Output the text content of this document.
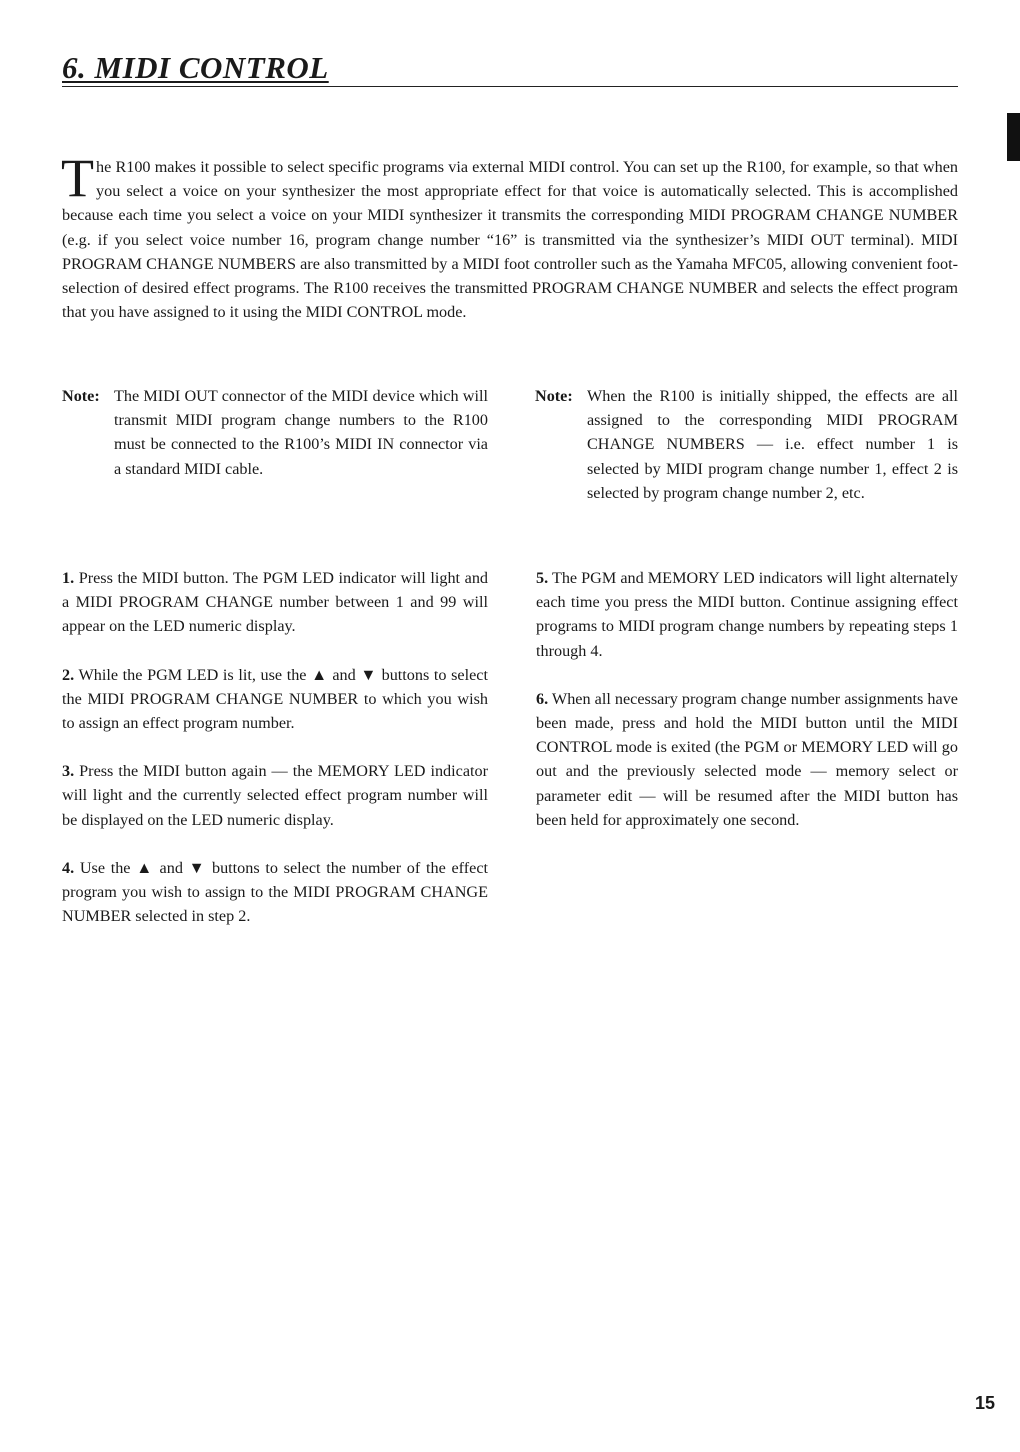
6. MIDI CONTROL
The R100 makes it possible to select specific programs via external MIDI control. You can set up the R100, for example, so that when you select a voice on your synthesizer the most appropriate effect for that voice is automatically selected. This is accomplished because each time you select a voice on your MIDI synthesizer it transmits the corresponding MIDI PROGRAM CHANGE NUMBER (e.g. if you select voice number 16, program change number “16” is transmitted via the synthesizer’s MIDI OUT terminal). MIDI PROGRAM CHANGE NUMBERS are also transmitted by a MIDI foot controller such as the Yamaha MFC05, allowing convenient foot-selection of desired effect programs. The R100 receives the transmitted PROGRAM CHANGE NUMBER and selects the effect program that you have assigned to it using the MIDI CONTROL mode.
Note: The MIDI OUT connector of the MIDI device which will transmit MIDI program change numbers to the R100 must be connected to the R100’s MIDI IN connector via a standard MIDI cable.
Note: When the R100 is initially shipped, the effects are all assigned to the corresponding MIDI PROGRAM CHANGE NUMBERS — i.e. effect number 1 is selected by MIDI program change number 1, effect 2 is selected by program change number 2, etc.

1. Press the MIDI button. The PGM LED indicator will light and a MIDI PROGRAM CHANGE number between 1 and 99 will appear on the LED numeric display.

2. While the PGM LED is lit, use the ▲ and ▼ buttons to select the MIDI PROGRAM CHANGE NUMBER to which you wish to assign an effect program number.

3. Press the MIDI button again — the MEMORY LED indicator will light and the currently selected effect program number will be displayed on the LED numeric display.

4. Use the ▲ and ▼ buttons to select the number of the effect program you wish to assign to the MIDI PROGRAM CHANGE NUMBER selected in step 2.

5. The PGM and MEMORY LED indicators will light alternately each time you press the MIDI button. Continue assigning effect programs to MIDI program change numbers by repeating steps 1 through 4.

6. When all necessary program change number assignments have been made, press and hold the MIDI button until the MIDI CONTROL mode is exited (the PGM or MEMORY LED will go out and the previously selected mode — memory select or parameter edit — will be resumed after the MIDI button has been held for approximately one second.

15
